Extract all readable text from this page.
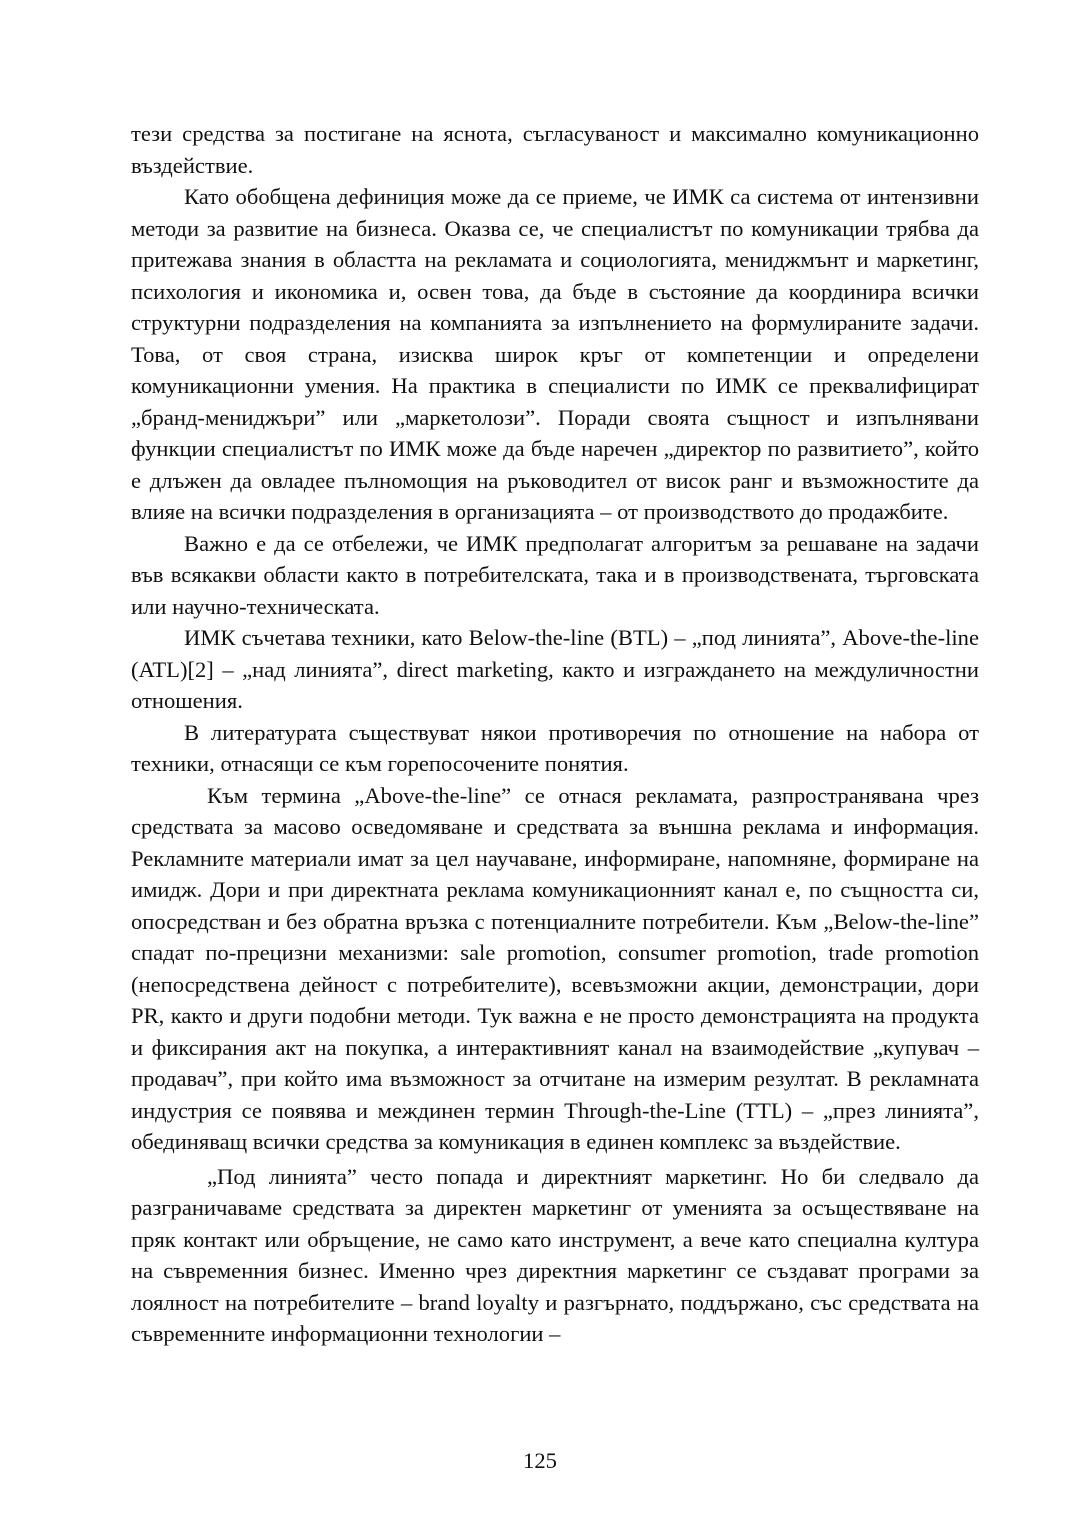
тези средства за постигане на яснота, съгласуваност и максимално комуникационно въздействие.

Като обобщена дефиниция може да се приеме, че ИМК са система от интензивни методи за развитие на бизнеса. Оказва се, че специалистът по комуникации трябва да притежава знания в областта на рекламата и социологията, мениджмънт и маркетинг, психология и икономика и, освен това, да бъде в състояние да координира всички структурни подразделения на компанията за изпълнението на формулираните задачи. Това, от своя страна, изисква широк кръг от компетенции и определени комуникационни умения. На практика в специалисти по ИМК се преквалифицират „бранд-мениджъри” или „маркетолози”. Поради своята същност и изпълнявани функции специалистът по ИМК може да бъде наречен „директор по развитието”, който е длъжен да овладее пълномощия на ръководител от висок ранг и възможностите да влияе на всички подразделения в организацията – от производството до продажбите.

Важно е да се отбележи, че ИМК предполагат алгоритъм за решаване на задачи във всякакви области както в потребителската, така и в производствената, търговската или научно-техническата.

ИМК съчетава техники, като Below-the-line (BTL) – „под линията”, Above-the-line (ATL)[2] – „над линията”, direct marketing, както и изграждането на междуличностни отношения.

В литературата съществуват някои противоречия по отношение на набора от техники, отнасящи се към горепосочените понятия.

Към термина „Above-the-line” се отнася рекламата, разпространявана чрез средствата за масово осведомяване и средствата за външна реклама и информация. Рекламните материали имат за цел научаване, информиране, напомняне, формиране на имидж. Дори и при директната реклама комуникационният канал е, по същността си, опосредстван и без обратна връзка с потенциалните потребители. Към „Below-the-line” спадат по-прецизни механизми: sale promotion, consumer promotion, trade promotion (непосредствена дейност с потребителите), всевъзможни акции, демонстрации, дори PR, както и други подобни методи. Тук важна е не просто демонстрацията на продукта и фиксирания акт на покупка, а интерактивният канал на взаимодействие „купувач – продавач”, при който има възможност за отчитане на измерим резултат. В рекламната индустрия се появява и междинен термин Through-the-Line (TTL) – „през линията”, обединяващ всички средства за комуникация в единен комплекс за въздействие.

„Под линията” често попада и директният маркетинг. Но би следвало да разграничаваме средствата за директен маркетинг от уменията за осъществяване на пряк контакт или обръщение, не само като инструмент, а вече като специална култура на съвременния бизнес. Именно чрез директния маркетинг се създават програми за лоялност на потребителите – brand loyalty и разгърнато, поддържано, със средствата на съвременните информационни технологии –

125
